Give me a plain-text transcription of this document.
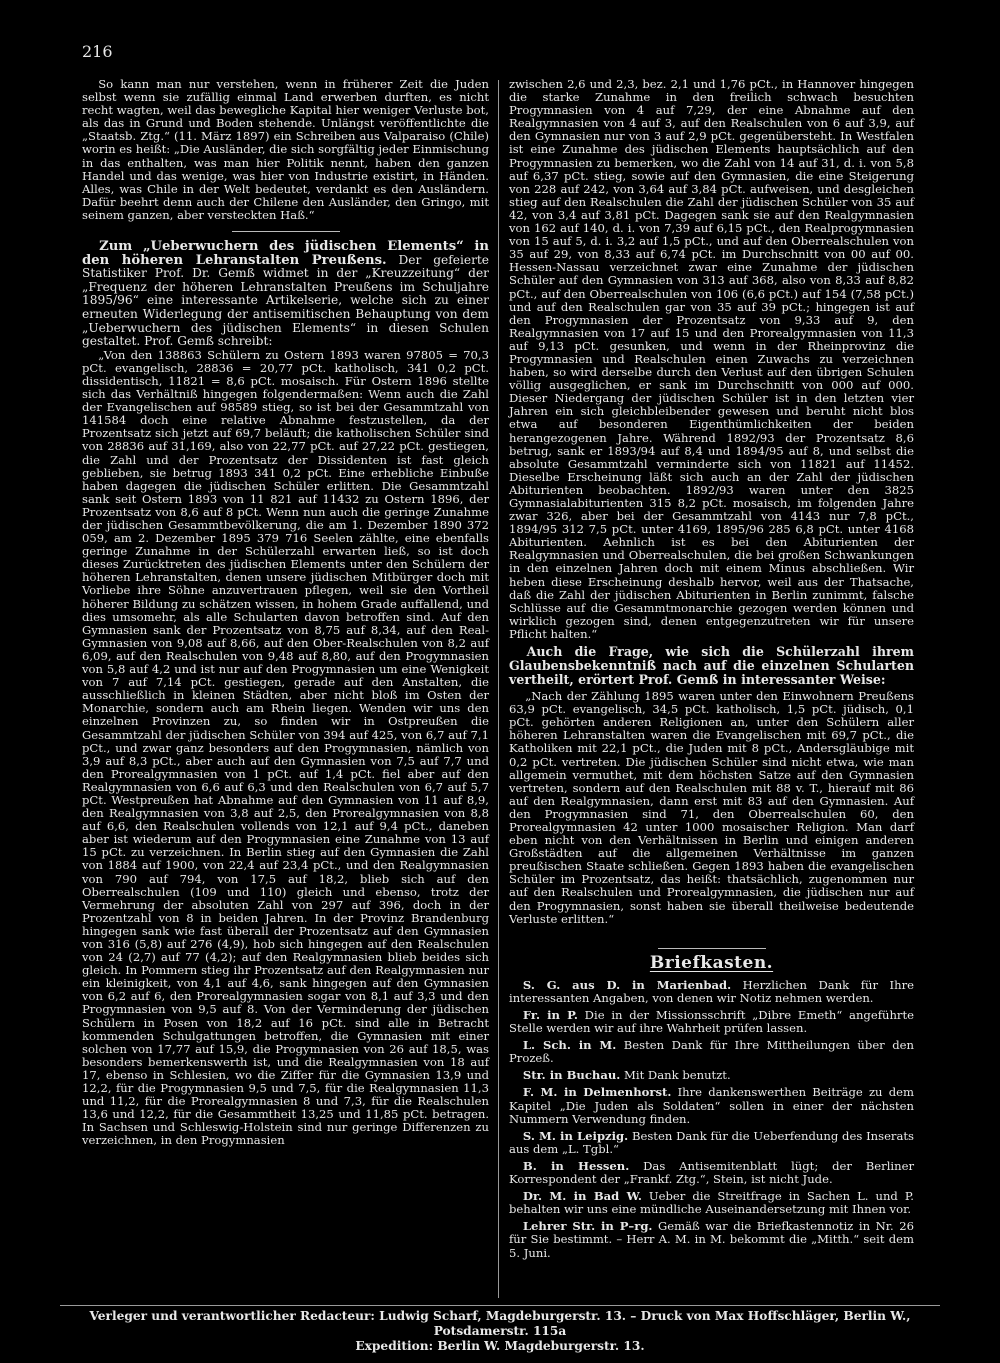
216

So kann man nur verstehen, wenn in früherer Zeit die Juden selbst wenn sie zufällig einmal Land erwerben durften, es nicht recht wagten, weil das bewegliche Kapital hier weniger Verluste bot, als das in Grund und Boden stehende. Unlängst veröffentlichte die „Staatsb. Ztg.“ (11. März 1897) ein Schreiben aus Valparaiso (Chile) worin es heißt: „Die Ausländer, die sich sorgfältig jeder Einmischung in das enthalten, was man hier Politik nennt, haben den ganzen Handel und das wenige, was hier von Industrie existirt, in Händen. Alles, was Chile in der Welt bedeutet, verdankt es den Ausländern. Dafür beehrt denn auch der Chilene den Ausländer, den Gringo, mit seinem ganzen, aber versteckten Haß.“

Zum „Ueberwuchern des jüdischen Elements“ in den höheren Lehranstalten Preußens. Der gefeierte Statistiker Prof. Dr. Gemß widmet in der „Kreuzzeitung“ der „Frequenz der höheren Lehranstalten Preußens im Schuljahre 1895/96“ eine interessante Artikelserie, welche sich zu einer erneuten Widerlegung der antisemitischen Behauptung von dem „Ueberwuchern des jüdischen Elements“ in diesen Schulen gestaltet. Prof. Gemß schreibt:

„Von den 138863 Schülern zu Ostern 1893 waren 97805 = 70,3 pCt. evangelisch, 28836 = 20,77 pCt. katholisch, 341 0,2 pCt. dissidentisch, 11821 = 8,6 pCt. mosaisch. Für Ostern 1896 stellte sich das Verhältniß hingegen folgendermaßen: Wenn auch die Zahl der Evangelischen auf 98589 stieg, so ist bei der Gesammtzahl von 141584 doch eine relative Abnahme festzustellen, da der Prozentsatz sich jetzt auf 69,7 beläuft; die katholischen Schüler sind von 28836 auf 31,169, also von 22,77 pCt. auf 27,22 pCt. gestiegen, die Zahl und der Prozentsatz der Dissidenten ist fast gleich geblieben, sie betrug 1893 341 0,2 pCt. Eine erhebliche Einbuße haben dagegen die jüdischen Schüler erlitten. Die Gesammtzahl sank seit Ostern 1893 von 11 821 auf 11432 zu Ostern 1896, der Prozentsatz von 8,6 auf 8 pCt. Wenn nun auch die geringe Zunahme der jüdischen Gesammtbevölkerung, die am 1. Dezember 1890 372 059, am 2. Dezember 1895 379 716 Seelen zählte, eine ebenfalls geringe Zunahme in der Schülerzahl erwarten ließ, so ist doch dieses Zurücktreten des jüdischen Elements unter den Schülern der höheren Lehranstalten, denen unsere jüdischen Mitbürger doch mit Vorliebe ihre Söhne anzuvertrauen pflegen, weil sie den Vortheil höherer Bildung zu schätzen wissen, in hohem Grade auffallend, und dies umsomehr, als alle Schularten davon betroffen sind. Auf den Gymnasien sank der Prozentsatz von 8,75 auf 8,34, auf den Real-Gymnasien von 9,08 auf 8,66, auf den Ober-Realschulen von 8,2 auf 6,09, auf den Realschulen von 9,48 auf 8,80, auf den Progymnasien von 5,8 auf 4,2 und ist nur auf den Progymnasien um eine Wenigkeit von 7 auf 7,14 pCt. gestiegen, gerade auf den Anstalten, die ausschließlich in kleinen Städten, aber nicht bloß im Osten der Monarchie, sondern auch am Rhein liegen. Wenden wir uns den einzelnen Provinzen zu, so finden wir in Ostpreußen die Gesammtzahl der jüdischen Schüler von 394 auf 425, von 6,7 auf 7,1 pCt., und zwar ganz besonders auf den Progymnasien, nämlich von 3,9 auf 8,3 pCt., aber auch auf den Gymnasien von 7,5 auf 7,7 und den Prorealgymnasien von 1 pCt. auf 1,4 pCt. fiel aber auf den Realgymnasien von 6,6 auf 6,3 und den Realschulen von 6,7 auf 5,7 pCt. Westpreußen hat Abnahme auf den Gymnasien von 11 auf 8,9, den Realgymnasien von 3,8 auf 2,5, den Prorealgymnasien von 8,8 auf 6,6, den Realschulen vollends von 12,1 auf 9,4 pCt., daneben aber ist wiederum auf den Progymnasien eine Zunahme von 13 auf 15 pCt. zu verzeichnen. In Berlin stieg auf den Gymnasien die Zahl von 1884 auf 1900, von 22,4 auf 23,4 pCt., und den Realgymnasien von 790 auf 794, von 17,5 auf 18,2, blieb sich auf den Oberrealschulen (109 und 110) gleich und ebenso, trotz der Vermehrung der absoluten Zahl von 297 auf 396, doch in der Prozentzahl von 8 in beiden Jahren. In der Provinz Brandenburg hingegen sank wie fast überall der Prozentsatz auf den Gymnasien von 316 (5,8) auf 276 (4,9), hob sich hingegen auf den Realschulen von 24 (2,7) auf 77 (4,2); auf den Realgymnasien blieb beides sich gleich. In Pommern stieg ihr Prozentsatz auf den Realgymnasien nur ein kleinigkeit, von 4,1 auf 4,6, sank hingegen auf den Gymnasien von 6,2 auf 6, den Prorealgymnasien sogar von 8,1 auf 3,3 und den Progymnasien von 9,5 auf 8. Von der Verminderung der jüdischen Schülern in Posen von 18,2 auf 16 pCt. sind alle in Betracht kommenden Schulgattungen betroffen, die Gymnasien mit einer solchen von 17,77 auf 15,9, die Progymnasien von 26 auf 18,5, was besonders bemerkenswerth ist, und die Realgymnasien von 18 auf 17, ebenso in Schlesien, wo die Ziffer für die Gymnasien 13,9 und 12,2, für die Progymnasien 9,5 und 7,5, für die Realgymnasien 11,3 und 11,2, für die Prorealgymnasien 8 und 7,3, für die Realschulen 13,6 und 12,2, für die Gesammtheit 13,25 und 11,85 pCt. betragen. In Sachsen und Schleswig-Holstein sind nur geringe Differenzen zu verzeichnen, in den Progymnasien

zwischen 2,6 und 2,3, bez. 2,1 und 1,76 pCt., in Hannover hingegen die starke Zunahme in den freilich schwach besuchten Progymnasien von 4 auf 7,29, der eine Abnahme auf den Realgymnasien von 4 auf 3, auf den Realschulen von 6 auf 3,9, auf den Gymnasien nur von 3 auf 2,9 pCt. gegenübersteht. In Westfalen ist eine Zunahme des jüdischen Elements hauptsächlich auf den Progymnasien zu bemerken, wo die Zahl von 14 auf 31, d. i. von 5,8 auf 6,37 pCt. stieg, sowie auf den Gymnasien, die eine Steigerung von 228 auf 242, von 3,64 auf 3,84 pCt. aufweisen, und desgleichen stieg auf den Realschulen die Zahl der jüdischen Schüler von 35 auf 42, von 3,4 auf 3,81 pCt. Dagegen sank sie auf den Realgymnasien von 162 auf 140, d. i. von 7,39 auf 6,15 pCt., den Realprogymnasien von 15 auf 5, d. i. 3,2 auf 1,5 pCt., und auf den Oberrealschulen von 35 auf 29, von 8,33 auf 6,74 pCt. im Durchschnitt von 00 auf 00. Hessen-Nassau verzeichnet zwar eine Zunahme der jüdischen Schüler auf den Gymnasien von 313 auf 368, also von 8,33 auf 8,82 pCt., auf den Oberrealschulen von 106 (6,6 pCt.) auf 154 (7,58 pCt.) und auf den Realschulen gar von 35 auf 39 pCt.; hingegen ist auf den Progymnasien der Prozentsatz von 9,33 auf 9, den Realgymnasien von 17 auf 15 und den Prorealgymnasien von 11,3 auf 9,13 pCt. gesunken, und wenn in der Rheinprovinz die Progymnasien und Realschulen einen Zuwachs zu verzeichnen haben, so wird derselbe durch den Verlust auf den übrigen Schulen völlig ausgeglichen, er sank im Durchschnitt von 000 auf 000. Dieser Niedergang der jüdischen Schüler ist in den letzten vier Jahren ein sich gleichbleibender gewesen und beruht nicht blos etwa auf besonderen Eigenthümlichkeiten der beiden herangezogenen Jahre. Während 1892/93 der Prozentsatz 8,6 betrug, sank er 1893/94 auf 8,4 und 1894/95 auf 8, und selbst die absolute Gesammtzahl verminderte sich von 11821 auf 11452. Dieselbe Erscheinung läßt sich auch an der Zahl der jüdischen Abiturienten beobachten. 1892/93 waren unter den 3825 Gymnasialabiturienten 315 8,2 pCt. mosaisch, im folgenden Jahre zwar 326, aber bei der Gesammtzahl von 4143 nur 7,8 pCt., 1894/95 312 7,5 pCt. unter 4169, 1895/96 285 6,8 pCt. unter 4168 Abiturienten. Aehnlich ist es bei den Abiturienten der Realgymnasien und Oberrealschulen, die bei großen Schwankungen in den einzelnen Jahren doch mit einem Minus abschließen. Wir heben diese Erscheinung deshalb hervor, weil aus der Thatsache, daß die Zahl der jüdischen Abiturienten in Berlin zunimmt, falsche Schlüsse auf die Gesammtmonarchie gezogen werden können und wirklich gezogen sind, denen entgegenzutreten wir für unsere Pflicht halten.“

Auch die Frage, wie sich die Schülerzahl ihrem Glaubensbekenntniß nach auf die einzelnen Schularten vertheilt, erörtert Prof. Gemß in interessanter Weise:

„Nach der Zählung 1895 waren unter den Einwohnern Preußens 63,9 pCt. evangelisch, 34,5 pCt. katholisch, 1,5 pCt. jüdisch, 0,1 pCt. gehörten anderen Religionen an, unter den Schülern aller höheren Lehranstalten waren die Evangelischen mit 69,7 pCt., die Katholiken mit 22,1 pCt., die Juden mit 8 pCt., Andersgläubige mit 0,2 pCt. vertreten. Die jüdischen Schüler sind nicht etwa, wie man allgemein vermuthet, mit dem höchsten Satze auf den Gymnasien vertreten, sondern auf den Realschulen mit 88 v. T., hierauf mit 86 auf den Realgymnasien, dann erst mit 83 auf den Gymnasien. Auf den Progymnasien sind 71, den Oberrealschulen 60, den Prorealgymnasien 42 unter 1000 mosaischer Religion. Man darf eben nicht von den Verhältnissen in Berlin und einigen anderen Großstädten auf die allgemeinen Verhältnisse im ganzen preußischen Staate schließen. Gegen 1893 haben die evangelischen Schüler im Prozentsatz, das heißt: thatsächlich, zugenommen nur auf den Realschulen und Prorealgymnasien, die jüdischen nur auf den Progymnasien, sonst haben sie überall theilweise bedeutende Verluste erlitten.“

Briefkasten.

S. G. aus D. in Marienbad. Herzlichen Dank für Ihre interessanten Angaben, von denen wir Notiz nehmen werden.

Fr. in P. Die in der Missionsschrift „Dibre Emeth“ angeführte Stelle werden wir auf ihre Wahrheit prüfen lassen.

L. Sch. in M. Besten Dank für Ihre Mittheilungen über den Prozeß.

Str. in Buchau. Mit Dank benutzt.

F. M. in Delmenhorst. Ihre dankenswerthen Beiträge zu dem Kapitel „Die Juden als Soldaten“ sollen in einer der nächsten Nummern Verwendung finden.

S. M. in Leipzig. Besten Dank für die Ueberfendung des Inserats aus dem „L. Tgbl.“

B. in Hessen. Das Antisemitenblatt lügt; der Berliner Korrespondent der „Frankf. Ztg.“, Stein, ist nicht Jude.

Dr. M. in Bad W. Ueber die Streitfrage in Sachen L. und P. behalten wir uns eine mündliche Auseinandersetzung mit Ihnen vor.

Lehrer Str. in P–rg. Gemäß war die Briefkastennotiz in Nr. 26 für Sie bestimmt. – Herr A. M. in M. bekommt die „Mitth.“ seit dem 5. Juni.

Verleger und verantwortlicher Redacteur: Ludwig Scharf, Magdeburgerstr. 13. – Druck von Max Hoffschläger, Berlin W., Potsdamerstr. 115a
Expedition: Berlin W. Magdeburgerstr. 13.
